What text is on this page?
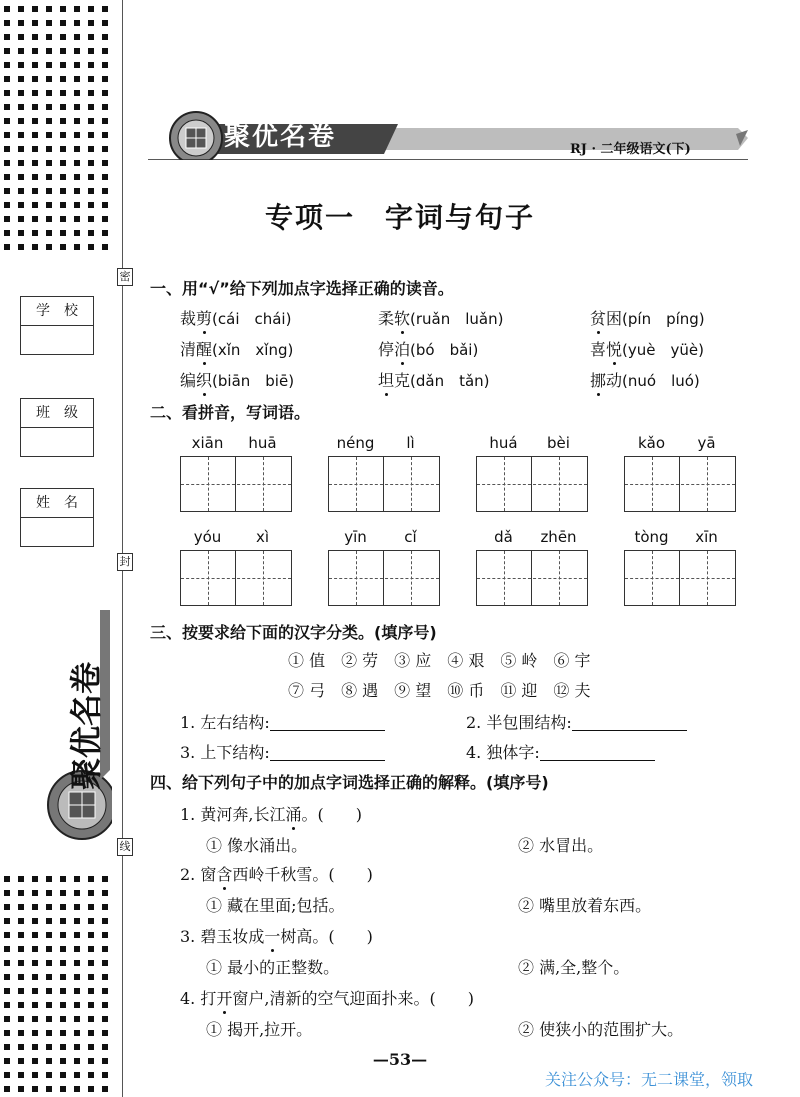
学校
班级
姓名
密
封
线
聚优名卷
聚优名卷	RJ · 二年级语文(下)
专项一　字词与句子
一、用“√”给下列加点字选择正确的读音。
裁剪(cái　chái)	柔软(ruǎn　luǎn)	贫困(pín　píng)
清醒(xǐn　xǐng)	停泊(bó　bǎi)	喜悦(yuè　yüè)
编织(biān　biē)	坦克(dǎn　tǎn)	挪动(nuó　luó)
二、看拼音，写词语。
xiān	huā	néng	lì	huá	bèi	kǎo	yā
yóu	xì	yīn	cǐ	dǎ	zhēn	tòng	xīn
三、按要求给下面的汉字分类。(填序号)
① 值　② 劳　③ 应　④ 艰　⑤ 岭　⑥ 宇
⑦ 弓　⑧ 遇　⑨ 望　⑩ 币　⑪ 迎　⑫ 夫
1. 左右结构:	2. 半包围结构:
3. 上下结构:	4. 独体字:
四、给下列句子中的加点字词选择正确的解释。(填序号)
1. 黄河奔,长江涌。(　　)
① 像水涌出。	② 水冒出。
2. 窗含西岭千秋雪。(　　)
① 藏在里面;包括。	② 嘴里放着东西。
3. 碧玉妆成一树高。(　　)
① 最小的正整数。	② 满,全,整个。
4. 打开窗户,清新的空气迎面扑来。(　　)
① 揭开,拉开。	② 使狭小的范围扩大。
—53—
关注公众号：无二课堂，领取
